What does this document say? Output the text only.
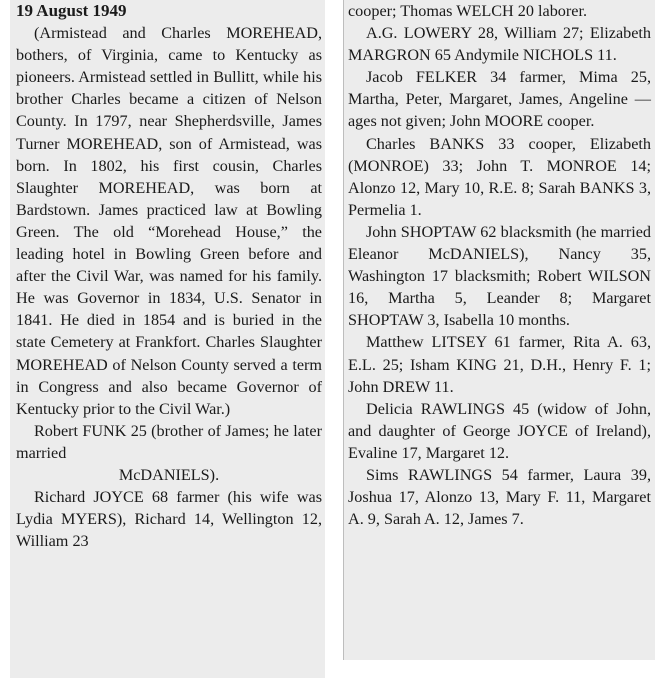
19 August 1949

(Armistead and Charles MOREHEAD, bothers, of Virginia, came to Kentucky as pioneers. Armistead settled in Bullitt, while his brother Charles became a citizen of Nelson County. In 1797, near Shepherdsville, James Turner MOREHEAD, son of Armistead, was born. In 1802, his first cousin, Charles Slaughter MOREHEAD, was born at Bardstown. James practiced law at Bowling Green. The old “Morehead House,” the leading hotel in Bowling Green before and after the Civil War, was named for his family. He was Governor in 1834, U.S. Senator in 1841. He died in 1854 and is buried in the state Cemetery at Frankfort. Charles Slaughter MOREHEAD of Nelson County served a term in Congress and also became Governor of Kentucky prior to the Civil War.)

Robert FUNK 25 (brother of James; he later married

McDANIELS).

Richard JOYCE 68 farmer (his wife was Lydia MYERS), Richard 14, Wellington 12, William 23

cooper; Thomas WELCH 20 laborer.

A.G. LOWERY 28, William 27; Elizabeth MARGRON 65 Andymile NICHOLS 11.

Jacob FELKER 34 farmer, Mima 25, Martha, Peter, Margaret, James, Angeline — ages not given; John MOORE cooper.

Charles BANKS 33 cooper, Elizabeth (MONROE) 33; John T. MONROE 14; Alonzo 12, Mary 10, R.E. 8; Sarah BANKS 3, Permelia 1.

John SHOPTAW 62 blacksmith (he married Eleanor McDANIELS), Nancy 35, Washington 17 blacksmith; Robert WILSON 16, Martha 5, Leander 8; Margaret SHOPTAW 3, Isabella 10 months.

Matthew LITSEY 61 farmer, Rita A. 63, E.L. 25; Isham KING 21, D.H., Henry F. 1; John DREW 11.

Delicia RAWLINGS 45 (widow of John, and daughter of George JOYCE of Ireland), Evaline 17, Margaret 12.

Sims RAWLINGS 54 farmer, Laura 39, Joshua 17, Alonzo 13, Mary F. 11, Margaret A. 9, Sarah A. 12, James 7.
